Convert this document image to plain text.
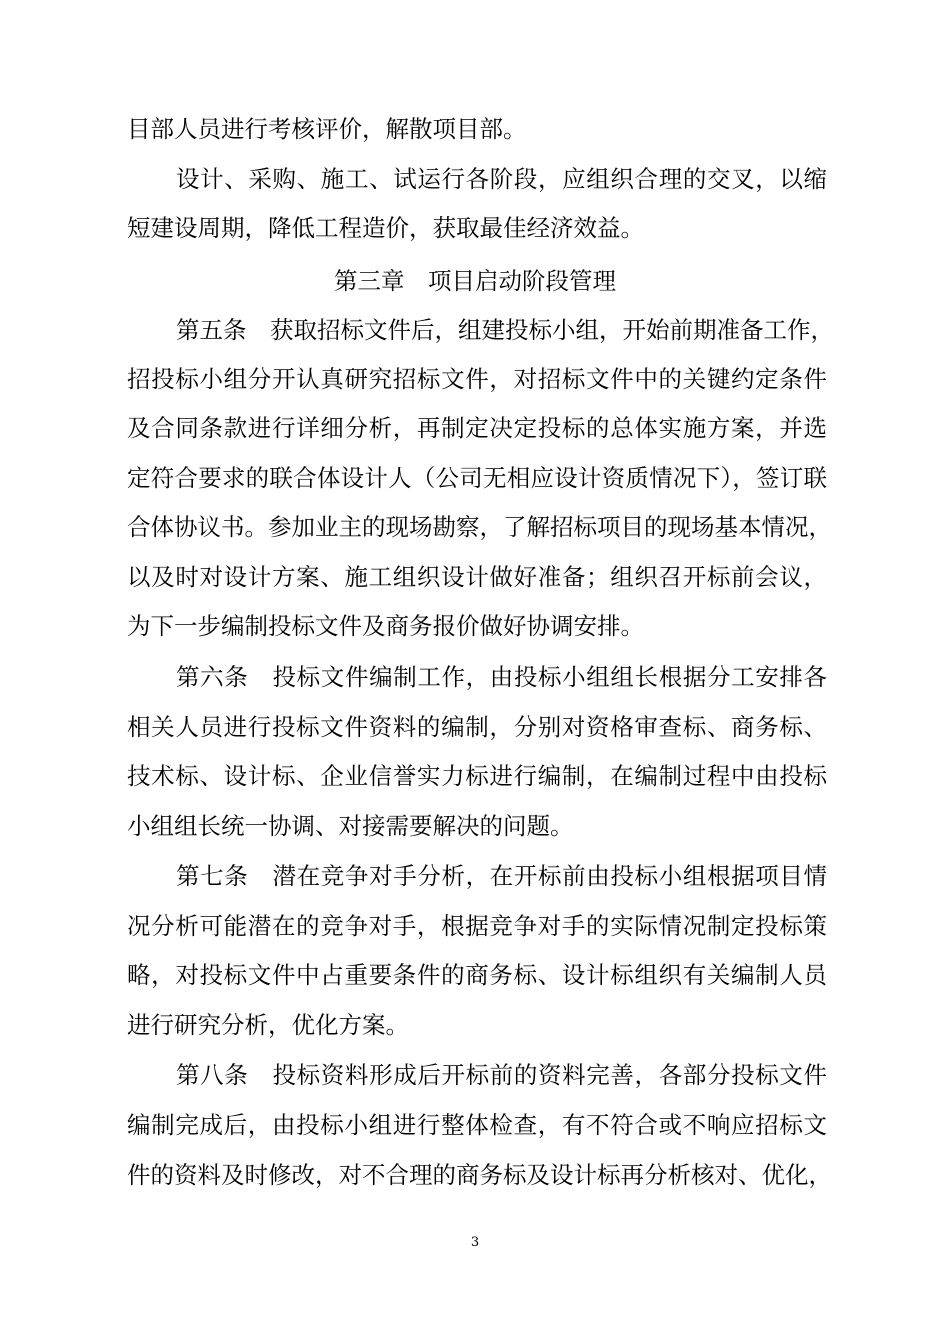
目部人员进行考核评价，解散项目部。
设计、采购、施工、试运行各阶段，应组织合理的交叉，以缩
短建设周期，降低工程造价，获取最佳经济效益。
第三章　项目启动阶段管理
第五条　获取招标文件后，组建投标小组，开始前期准备工作，
招投标小组分开认真研究招标文件，对招标文件中的关键约定条件
及合同条款进行详细分析，再制定决定投标的总体实施方案，并选
定符合要求的联合体设计人（公司无相应设计资质情况下），签订联
合体协议书。参加业主的现场勘察，了解招标项目的现场基本情况，
以及时对设计方案、施工组织设计做好准备；组织召开标前会议，
为下一步编制投标文件及商务报价做好协调安排。
第六条　投标文件编制工作，由投标小组组长根据分工安排各
相关人员进行投标文件资料的编制，分别对资格审查标、商务标、
技术标、设计标、企业信誉实力标进行编制，在编制过程中由投标
小组组长统一协调、对接需要解决的问题。
第七条　潜在竞争对手分析，在开标前由投标小组根据项目情
况分析可能潜在的竞争对手，根据竞争对手的实际情况制定投标策
略，对投标文件中占重要条件的商务标、设计标组织有关编制人员
进行研究分析，优化方案。
第八条　投标资料形成后开标前的资料完善，各部分投标文件
编制完成后，由投标小组进行整体检查，有不符合或不响应招标文
件的资料及时修改，对不合理的商务标及设计标再分析核对、优化，
3
